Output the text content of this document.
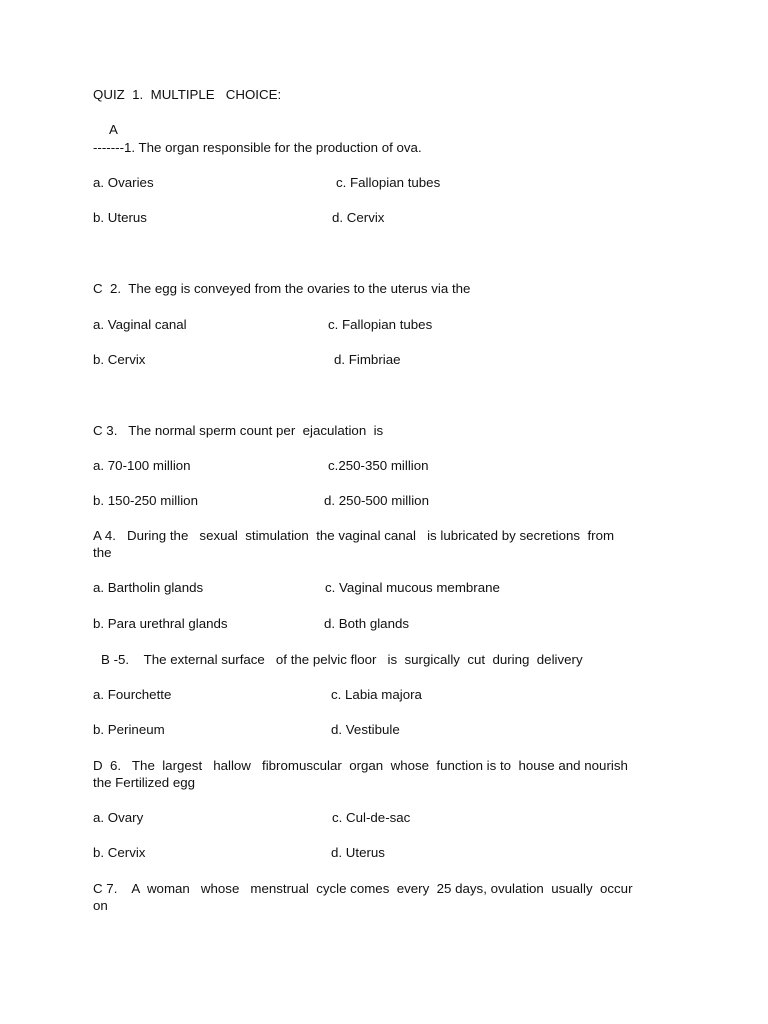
QUIZ  1.  MULTIPLE   CHOICE:
A
-------1. The organ responsible for the production of ova.
a. Ovaries	c. Fallopian tubes
b. Uterus	d. Cervix
C  2.  The egg is conveyed from the ovaries to the uterus via the
a. Vaginal canal	c. Fallopian tubes
b. Cervix	d. Fimbriae
C 3.   The normal sperm count per  ejaculation  is
a. 70-100 million	c.250-350 million
b. 150-250 million	d. 250-500 million
A 4.   During the   sexual  stimulation  the vaginal canal   is lubricated by secretions  from
the
a. Bartholin glands	c. Vaginal mucous membrane
b. Para urethral glands	d. Both glands
B -5.    The external surface   of the pelvic floor   is  surgically  cut  during  delivery
a. Fourchette	c. Labia majora
b. Perineum	d. Vestibule
D  6.   The  largest   hallow   fibromuscular  organ  whose  function is to  house and nourish
the Fertilized egg
a. Ovary	c. Cul-de-sac
b. Cervix	d. Uterus
C 7.    A  woman   whose   menstrual  cycle comes  every  25 days, ovulation  usually  occur
on
